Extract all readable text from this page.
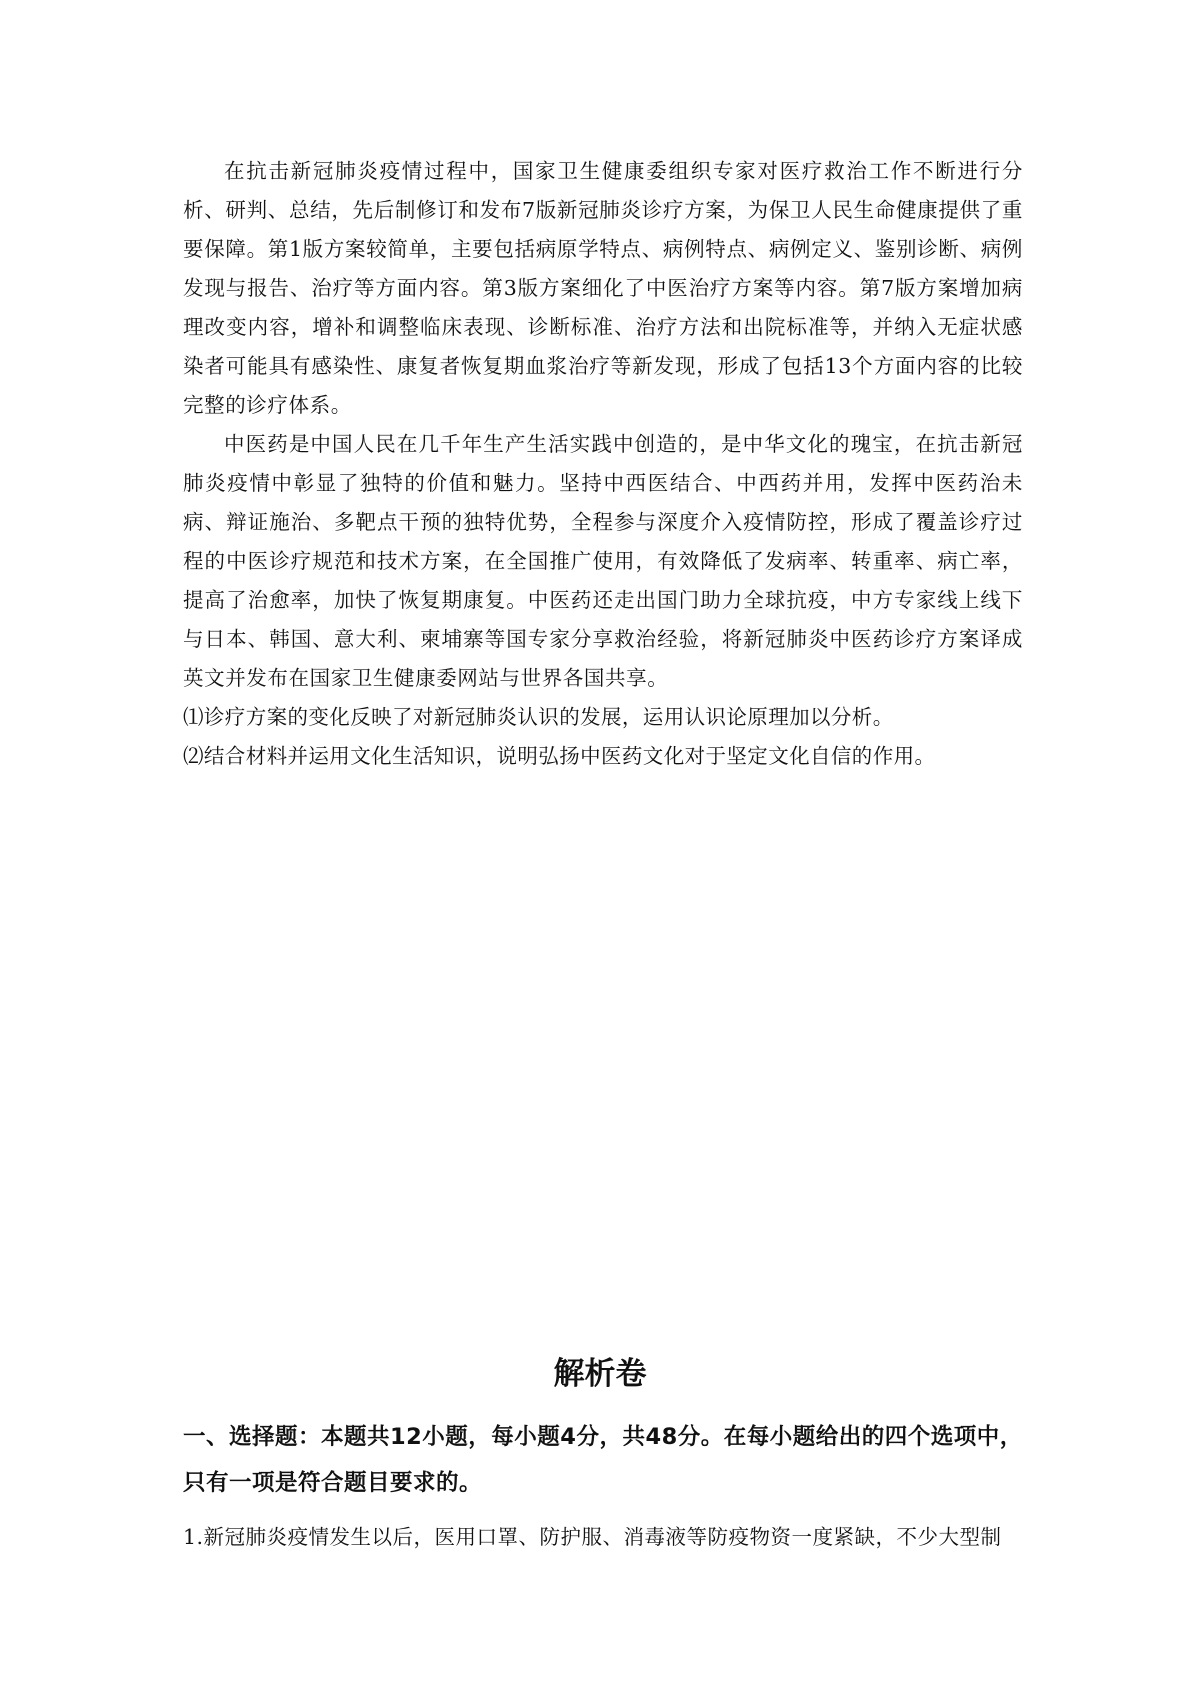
在抗击新冠肺炎疫情过程中，国家卫生健康委组织专家对医疗救治工作不断进行分析、研判、总结，先后制修订和发布7版新冠肺炎诊疗方案，为保卫人民生命健康提供了重要保障。第1版方案较简单，主要包括病原学特点、病例特点、病例定义、鉴别诊断、病例发现与报告、治疗等方面内容。第3版方案细化了中医治疗方案等内容。第7版方案增加病理改变内容，增补和调整临床表现、诊断标准、治疗方法和出院标准等，并纳入无症状感染者可能具有感染性、康复者恢复期血浆治疗等新发现，形成了包括13个方面内容的比较完整的诊疗体系。

中医药是中国人民在几千年生产生活实践中创造的，是中华文化的瑰宝，在抗击新冠肺炎疫情中彰显了独特的价值和魅力。坚持中西医结合、中西药并用，发挥中医药治未病、辩证施治、多靶点干预的独特优势，全程参与深度介入疫情防控，形成了覆盖诊疗过程的中医诊疗规范和技术方案，在全国推广使用，有效降低了发病率、转重率、病亡率，提高了治愈率，加快了恢复期康复。中医药还走出国门助力全球抗疫，中方专家线上线下与日本、韩国、意大利、柬埔寨等国专家分享救治经验，将新冠肺炎中医药诊疗方案译成英文并发布在国家卫生健康委网站与世界各国共享。

⑴诊疗方案的变化反映了对新冠肺炎认识的发展，运用认识论原理加以分析。

⑵结合材料并运用文化生活知识，说明弘扬中医药文化对于坚定文化自信的作用。

解析卷

一、选择题：本题共12小题，每小题4分，共48分。在每小题给出的四个选项中，只有一项是符合题目要求的。

1.新冠肺炎疫情发生以后，医用口罩、防护服、消毒液等防疫物资一度紧缺，不少大型制
